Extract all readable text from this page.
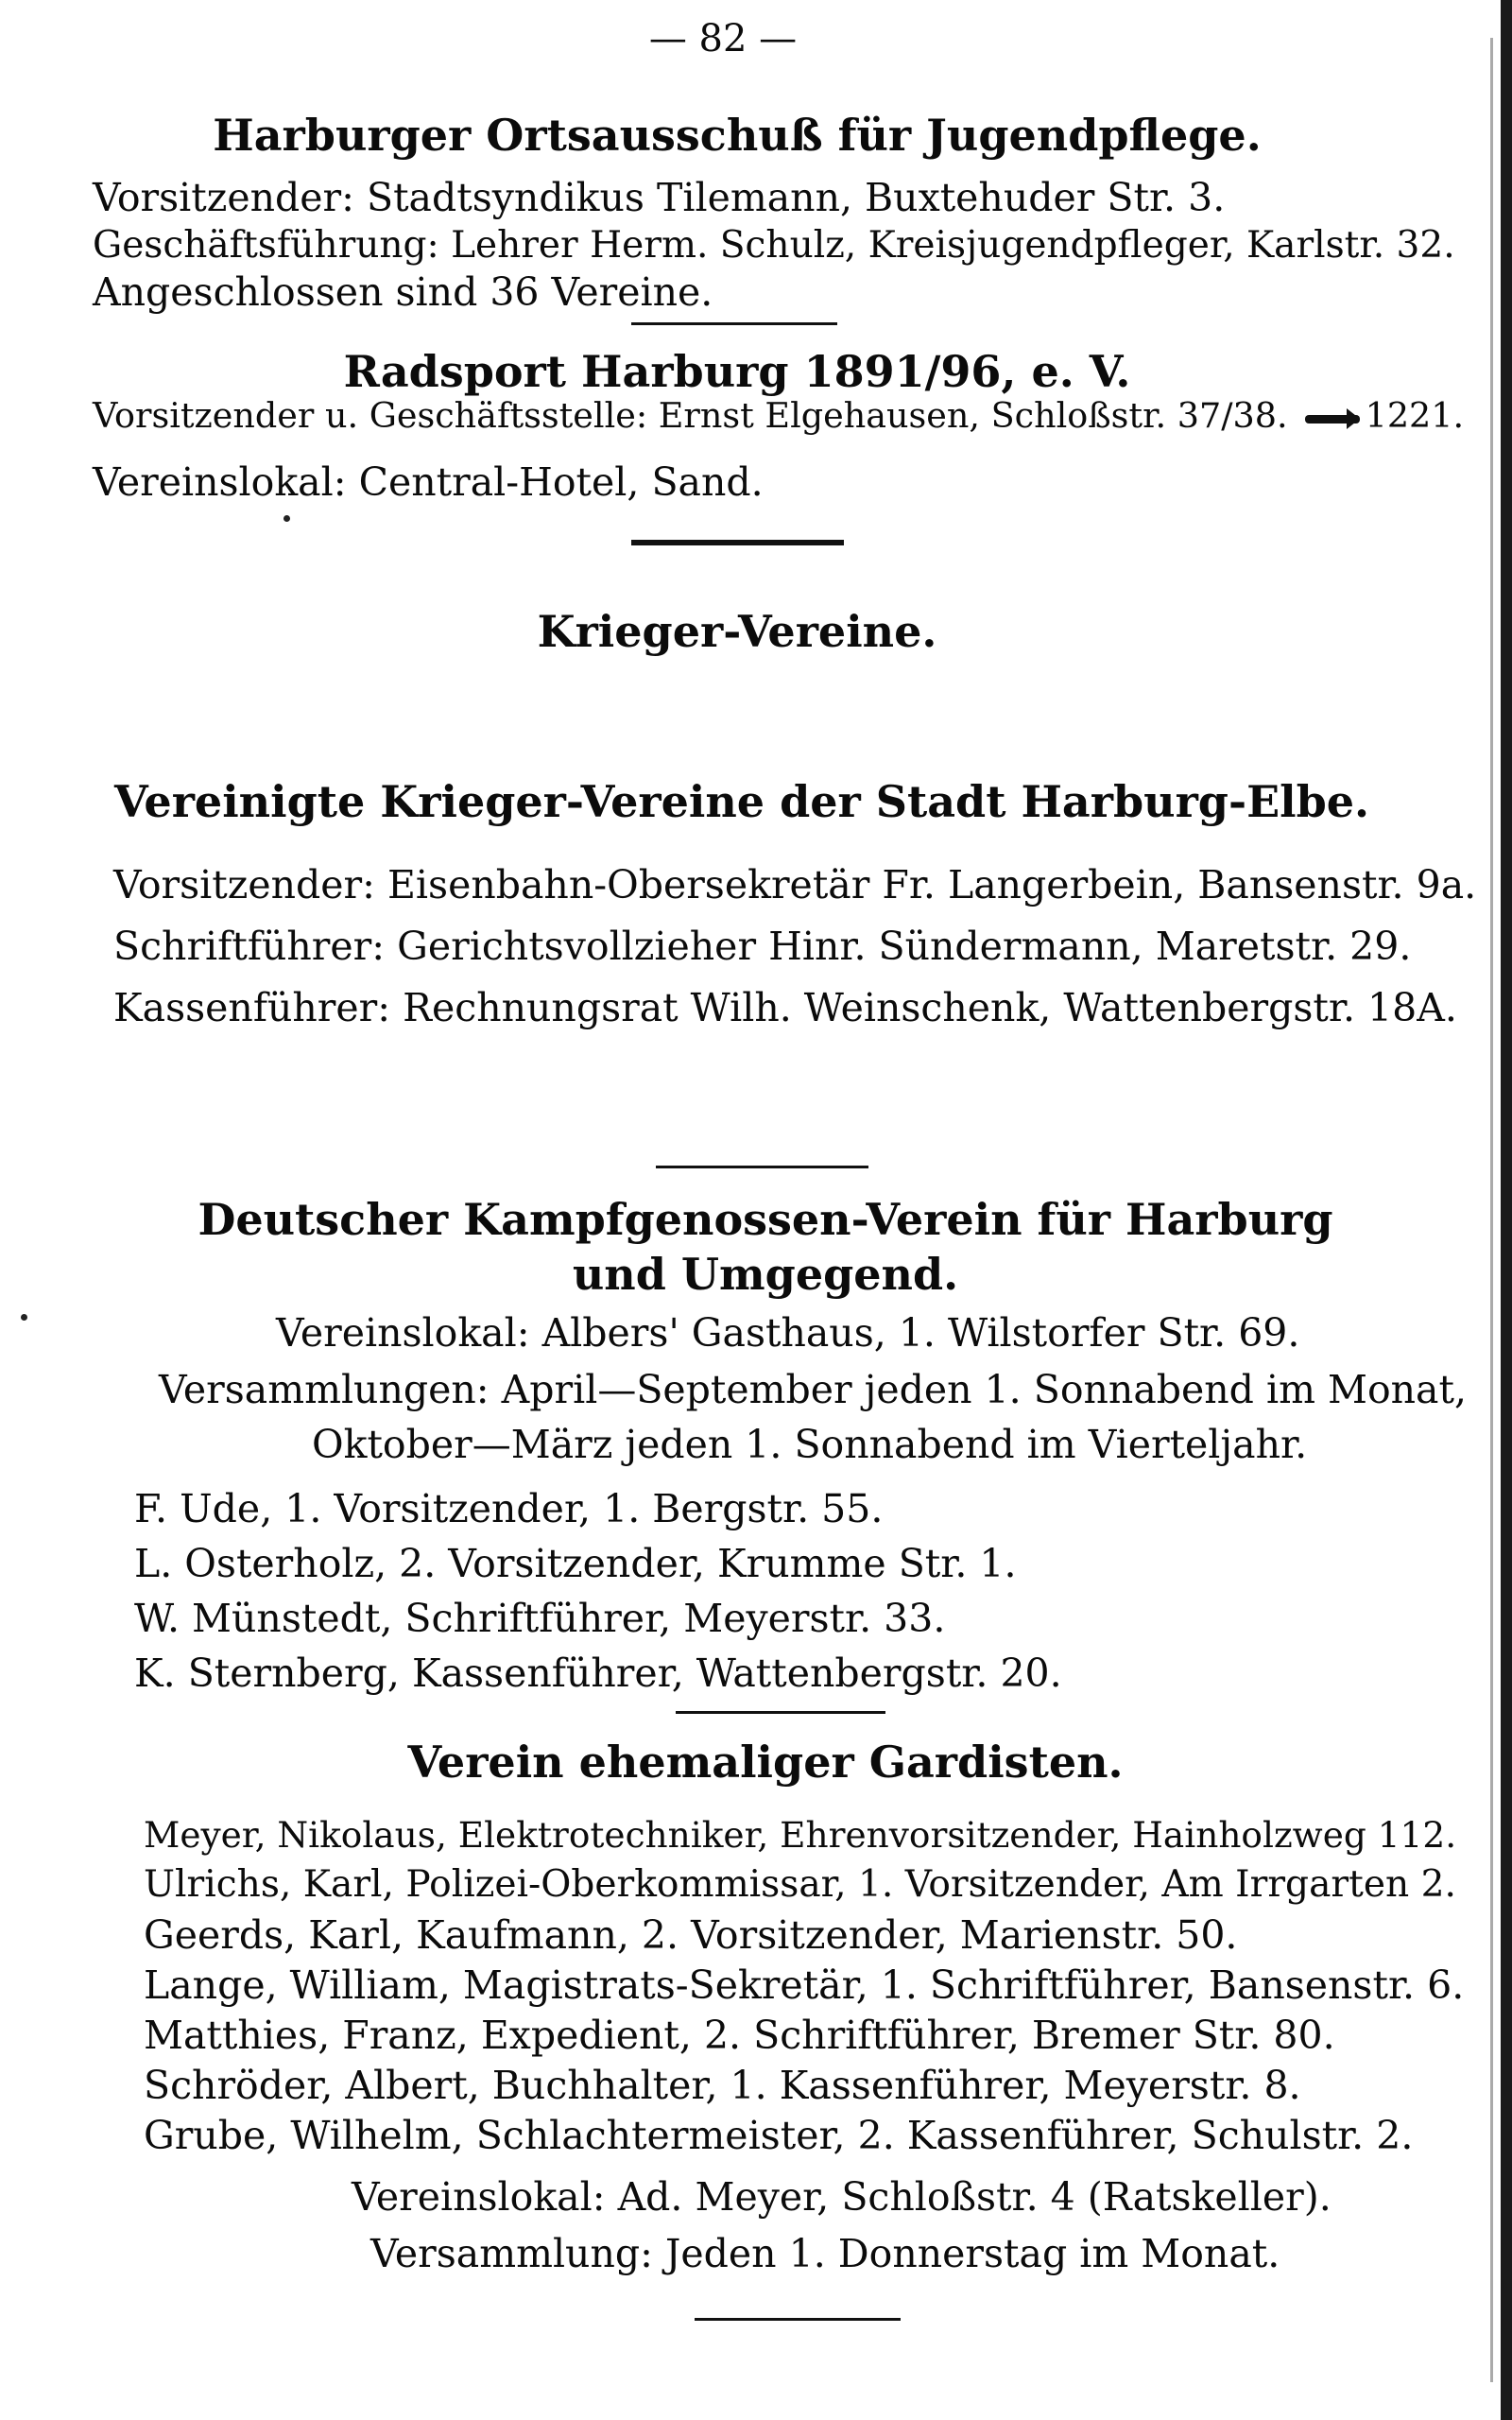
— 82 —
Harburger Ortsausschuß für Jugendpflege.
Vorsitzender: Stadtsyndikus Tilemann, Buxtehuder Str. 3.
Geschäftsführung: Lehrer Herm. Schulz, Kreisjugendpfleger, Karlstr. 32.
Angeschlossen sind 36 Vereine.
Radsport Harburg 1891/96, e. V.
Vorsitzender u. Geschäftsstelle: Ernst Elgehausen, Schloßstr. 37/38. 1221.
Vereinslokal: Central-Hotel, Sand.
Krieger-Vereine.
Vereinigte Krieger-Vereine der Stadt Harburg-Elbe.
Vorsitzender: Eisenbahn-Obersekretär Fr. Langerbein, Bansenstr. 9a.
Schriftführer: Gerichtsvollzieher Hinr. Sündermann, Maretstr. 29.
Kassenführer: Rechnungsrat Wilh. Weinschenk, Wattenbergstr. 18A.
Deutscher Kampfgenossen-Verein für Harburg
und Umgegend.
Vereinslokal: Albers' Gasthaus, 1. Wilstorfer Str. 69.
Versammlungen: April—September jeden 1. Sonnabend im Monat,
Oktober—März jeden 1. Sonnabend im Vierteljahr.
F. Ude, 1. Vorsitzender, 1. Bergstr. 55.
L. Osterholz, 2. Vorsitzender, Krumme Str. 1.
W. Münstedt, Schriftführer, Meyerstr. 33.
K. Sternberg, Kassenführer, Wattenbergstr. 20.
Verein ehemaliger Gardisten.
Meyer, Nikolaus, Elektrotechniker, Ehrenvorsitzender, Hainholzweg 112.
Ulrichs, Karl, Polizei-Oberkommissar, 1. Vorsitzender, Am Irrgarten 2.
Geerds, Karl, Kaufmann, 2. Vorsitzender, Marienstr. 50.
Lange, William, Magistrats-Sekretär, 1. Schriftführer, Bansenstr. 6.
Matthies, Franz, Expedient, 2. Schriftführer, Bremer Str. 80.
Schröder, Albert, Buchhalter, 1. Kassenführer, Meyerstr. 8.
Grube, Wilhelm, Schlachtermeister, 2. Kassenführer, Schulstr. 2.
Vereinslokal: Ad. Meyer, Schloßstr. 4 (Ratskeller).
Versammlung: Jeden 1. Donnerstag im Monat.
